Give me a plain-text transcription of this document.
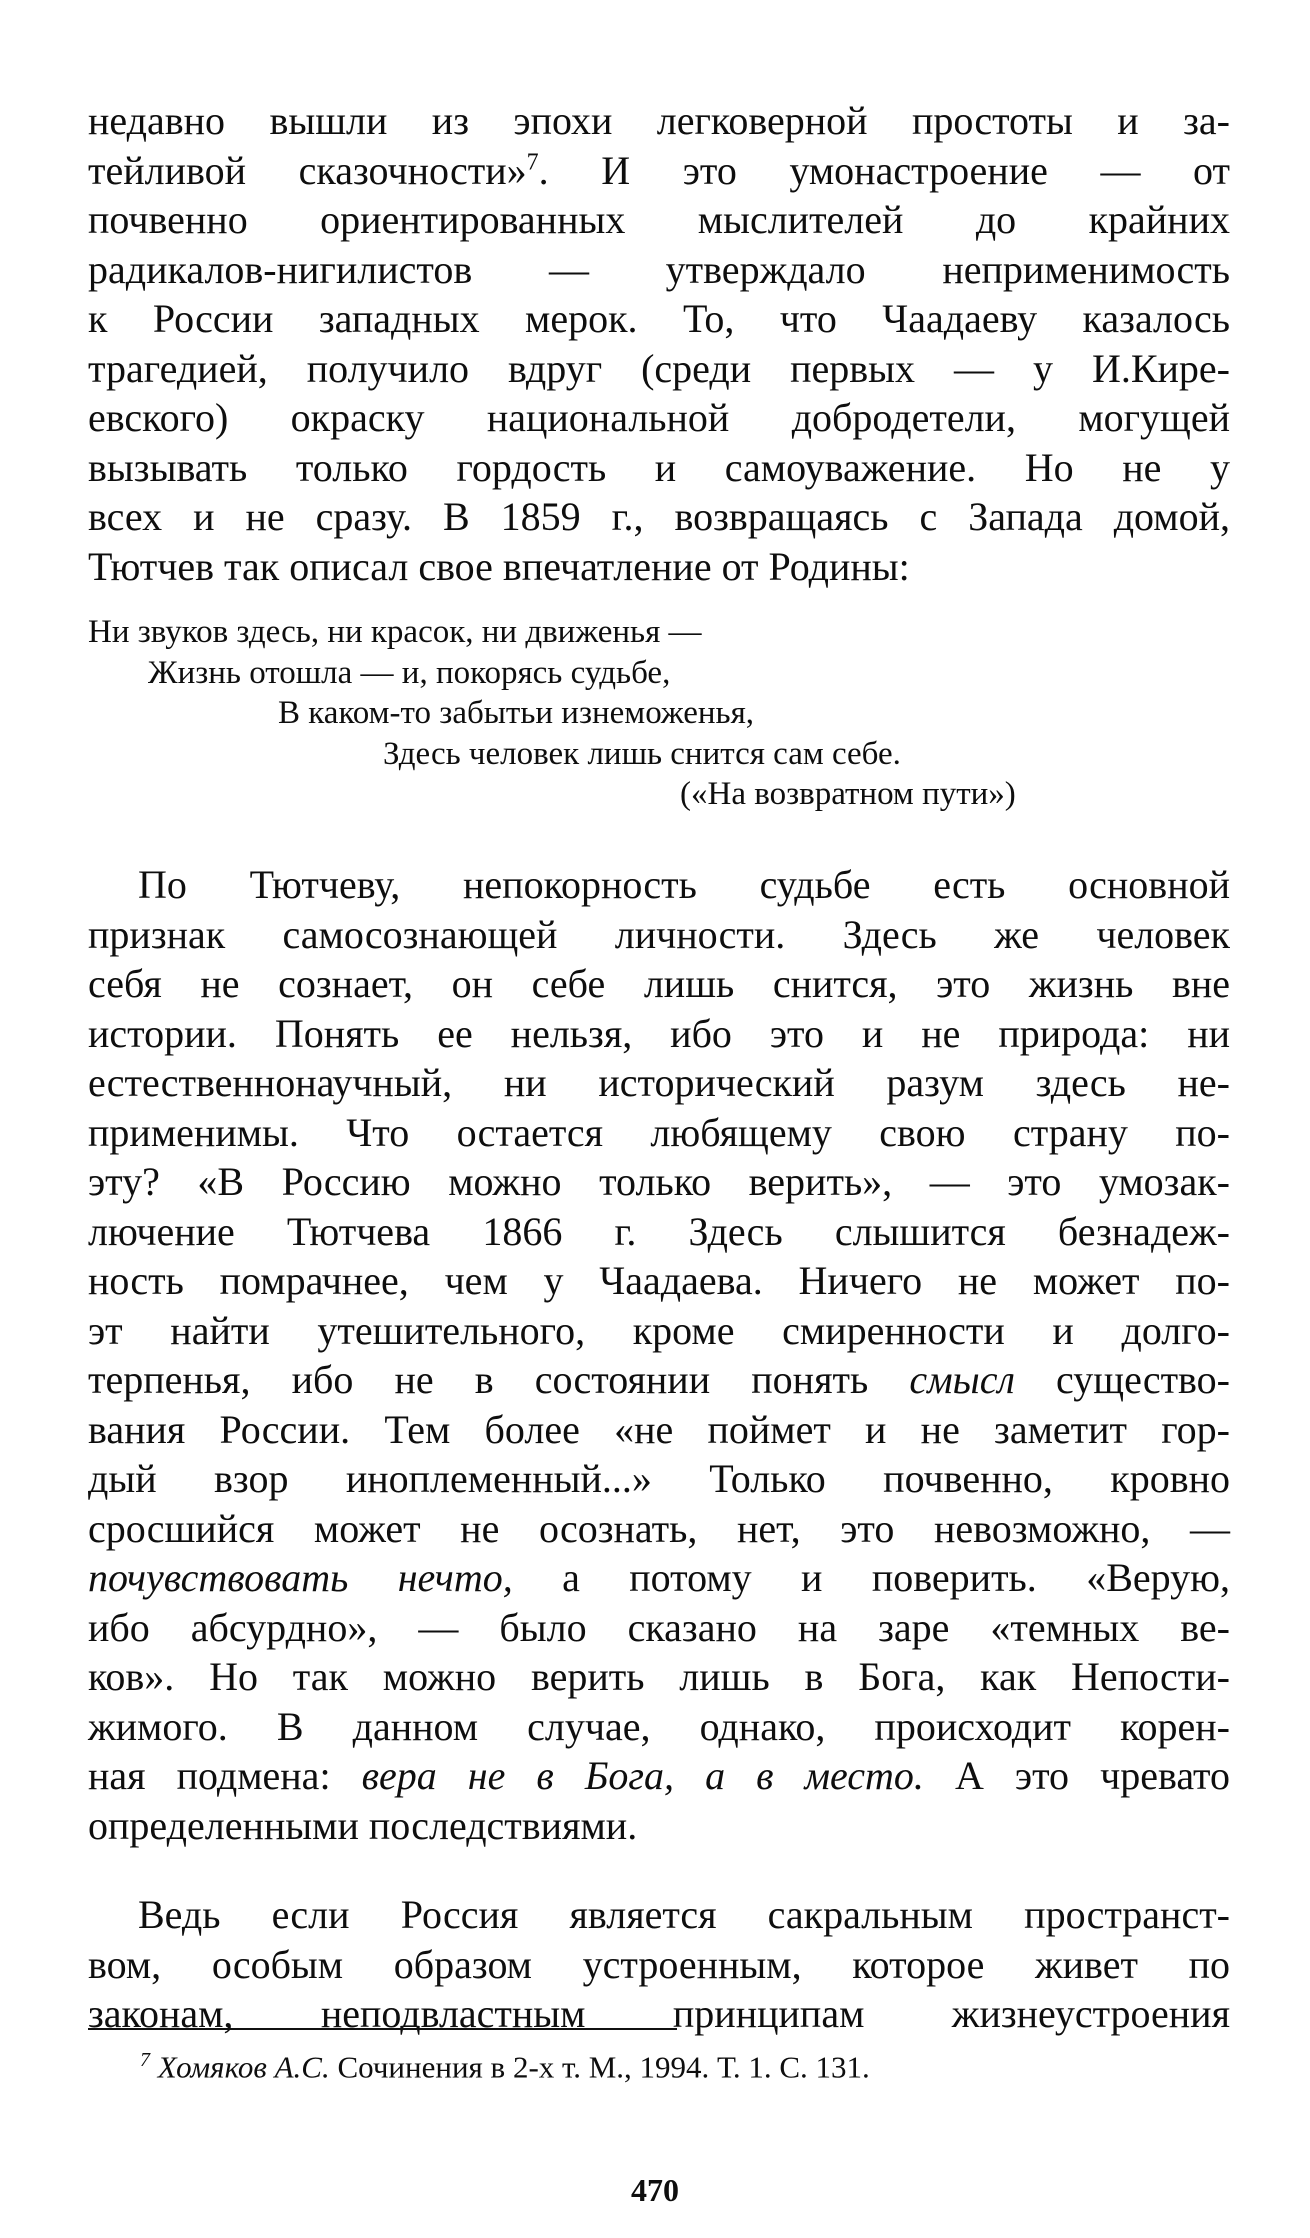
недавно вышли из эпохи легковерной простоты и за-
тейливой сказочности»$^7$. И это умонастроение — от
почвенно ориентированных мыслителей до крайних
радикалов-нигилистов — утверждало неприменимость
к России западных мерок. То, что Чаадаеву казалось
трагедией, получило вдруг (среди первых — у И.Кире-
евского) окраску национальной добродетели, могущей
вызывать только гордость и самоуважение. Но не у
всех и не сразу. В 1859 г., возвращаясь с Запада домой,
Тютчев так описал свое впечатление от Родины:
Ни звуков здесь, ни красок, ни движенья —
Жизнь отошла — и, покорясь судьбе,
В каком-то забытьи изнеможенья,
Здесь человек лишь снится сам себе.
(«На возвратном пути»)
По Тютчеву, непокорность судьбе есть основной
признак самосознающей личности. Здесь же человек
себя не сознает, он себе лишь снится, это жизнь вне
истории. Понять ее нельзя, ибо это и не природа: ни
естественнонаучный, ни исторический разум здесь не-
применимы. Что остается любящему свою страну по-
эту? «В Россию можно только верить», — это умозак-
лючение Тютчева 1866 г. Здесь слышится безнадеж-
ность помрачнее, чем у Чаадаева. Ничего не может по-
эт найти утешительного, кроме смиренности и долго-
терпенья, ибо не в состоянии понять смысл существо-
вания России. Тем более «не поймет и не заметит гор-
дый взор иноплеменный...» Только почвенно, кровно
сросшийся может не осознать, нет, это невозможно, —
почувствовать нечто, а потому и поверить. «Верую,
ибо абсурдно», — было сказано на заре «темных ве-
ков». Но так можно верить лишь в Бога, как Непости-
жимого. В данном случае, однако, происходит корен-
ная подмена: вера не в Бога, а в место. А это чревато
определенными последствиями.
Ведь если Россия является сакральным пространст-
вом, особым образом устроенным, которое живет по
законам, неподвластным принципам жизнеустроения
$^7$ Хомяков А.С. Сочинения в 2-х т. М., 1994. Т. 1. С. 131.
470
